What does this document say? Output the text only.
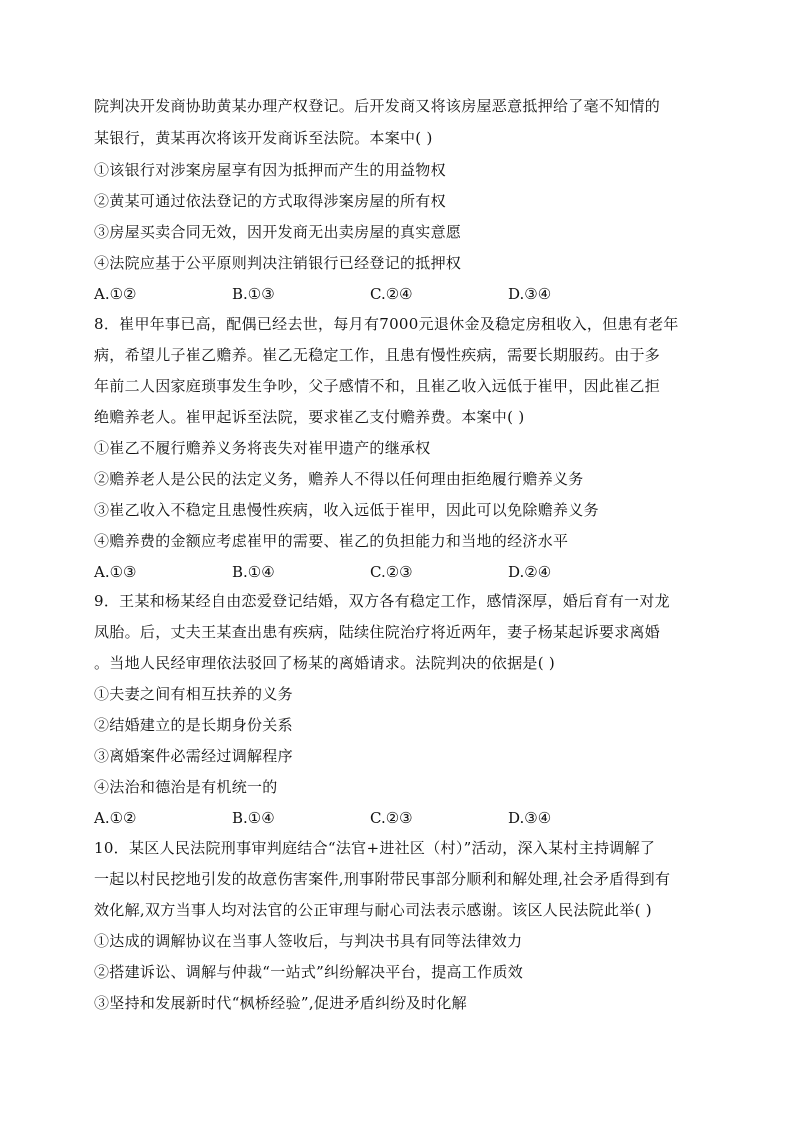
院判决开发商协助黄某办理产权登记。后开发商又将该房屋恶意抵押给了毫不知情的
某银行，黄某再次将该开发商诉至法院。本案中( )
①该银行对涉案房屋享有因为抵押而产生的用益物权
②黄某可通过依法登记的方式取得涉案房屋的所有权
③房屋买卖合同无效，因开发商无出卖房屋的真实意愿
④法院应基于公平原则判决注销银行已经登记的抵押权
A.①②	B.①③	C.②④	D.③④
8．崔甲年事已高，配偶已经去世，每月有7000元退休金及稳定房租收入，但患有老年
病，希望儿子崔乙赡养。崔乙无稳定工作，且患有慢性疾病，需要长期服药。由于多
年前二人因家庭琐事发生争吵，父子感情不和，且崔乙收入远低于崔甲，因此崔乙拒
绝赡养老人。崔甲起诉至法院，要求崔乙支付赡养费。本案中( )
①崔乙不履行赡养义务将丧失对崔甲遗产的继承权
②赡养老人是公民的法定义务，赡养人不得以任何理由拒绝履行赡养义务
③崔乙收入不稳定且患慢性疾病，收入远低于崔甲，因此可以免除赡养义务
④赡养费的金额应考虑崔甲的需要、崔乙的负担能力和当地的经济水平
A.①③	B.①④	C.②③	D.②④
9．王某和杨某经自由恋爱登记结婚，双方各有稳定工作，感情深厚，婚后育有一对龙
凤胎。后，丈夫王某查出患有疾病，陆续住院治疗将近两年，妻子杨某起诉要求离婚
。当地人民经审理依法驳回了杨某的离婚请求。法院判决的依据是( )
①夫妻之间有相互扶养的义务
②结婚建立的是长期身份关系
③离婚案件必需经过调解程序
④法治和德治是有机统一的
A.①②	B.①④	C.②③	D.③④
10．某区人民法院刑事审判庭结合“法官+进社区（村）”活动，深入某村主持调解了
一起以村民挖地引发的故意伤害案件,刑事附带民事部分顺利和解处理,社会矛盾得到有
效化解,双方当事人均对法官的公正审理与耐心司法表示感谢。该区人民法院此举( )
①达成的调解协议在当事人签收后，与判决书具有同等法律效力
②搭建诉讼、调解与仲裁“一站式”纠纷解决平台，提高工作质效
③坚持和发展新时代“枫桥经验”,促进矛盾纠纷及时化解
